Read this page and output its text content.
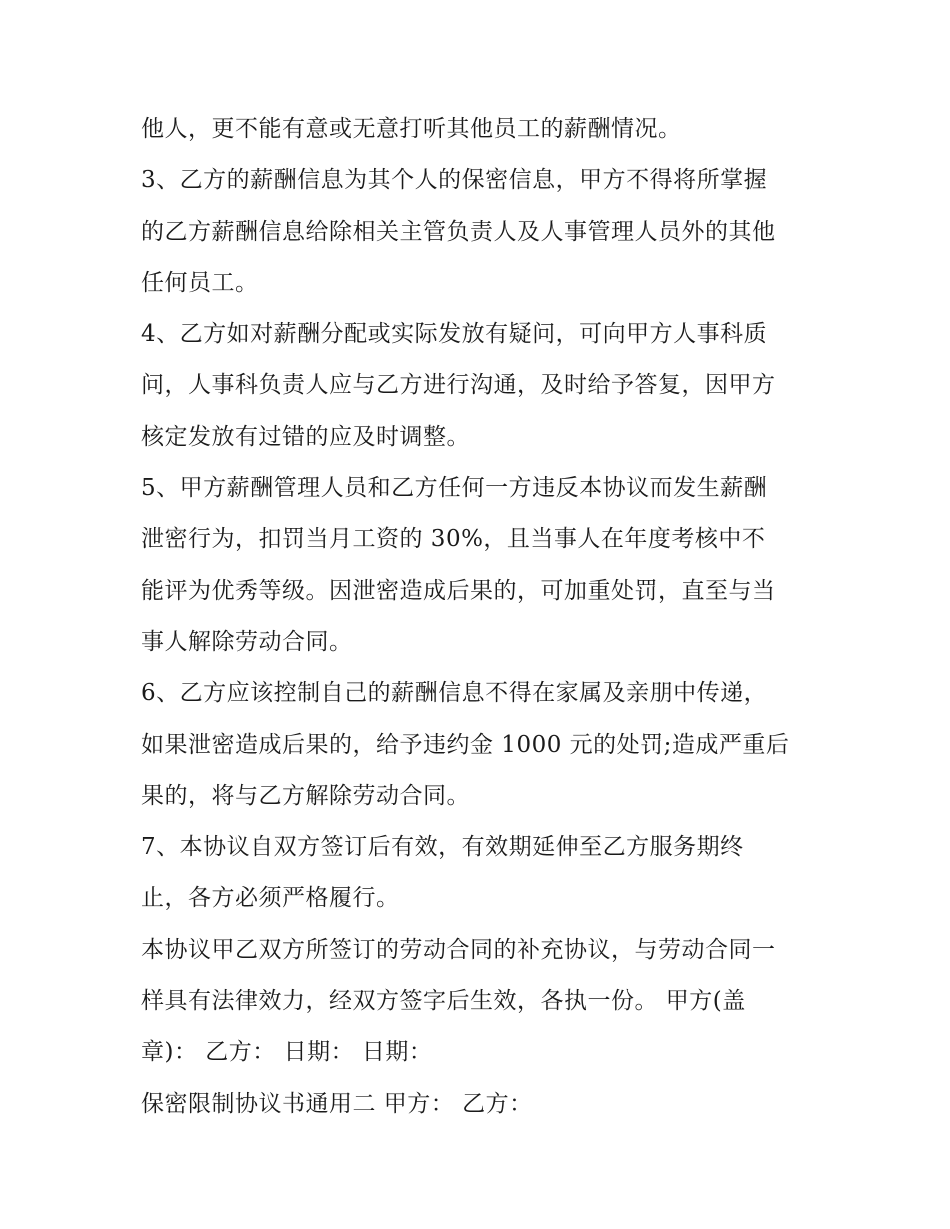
他人，更不能有意或无意打听其他员工的薪酬情况。
3、乙方的薪酬信息为其个人的保密信息，甲方不得将所掌握
的乙方薪酬信息给除相关主管负责人及人事管理人员外的其他
任何员工。
4、乙方如对薪酬分配或实际发放有疑问，可向甲方人事科质
问，人事科负责人应与乙方进行沟通，及时给予答复，因甲方
核定发放有过错的应及时调整。
5、甲方薪酬管理人员和乙方任何一方违反本协议而发生薪酬
泄密行为，扣罚当月工资的 30%，且当事人在年度考核中不
能评为优秀等级。因泄密造成后果的，可加重处罚，直至与当
事人解除劳动合同。
6、乙方应该控制自己的薪酬信息不得在家属及亲朋中传递，
如果泄密造成后果的，给予违约金 1000 元的处罚;造成严重后
果的，将与乙方解除劳动合同。
7、本协议自双方签订后有效，有效期延伸至乙方服务期终
止，各方必须严格履行。
本协议甲乙双方所签订的劳动合同的补充协议，与劳动合同一
样具有法律效力，经双方签字后生效，各执一份。 甲方(盖
章)： 乙方： 日期： 日期：
保密限制协议书通用二 甲方： 乙方：
